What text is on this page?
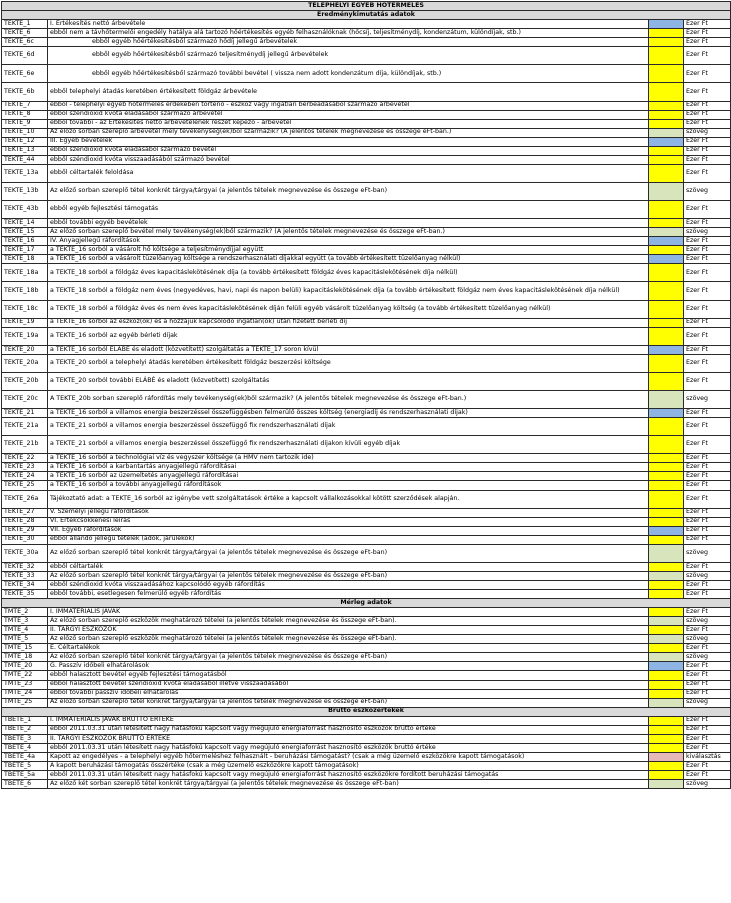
TELEPHELYI EGYÉB HŐTERMELÉS			
Eredménykimutatás adatok			
TEKTE_1	I. Értékesítés nettó árbevétele		Ezer Ft
TEKTE_6	ebből nem a távhőtermelői engedély hatálya alá tartozó hőértékesítés egyéb felhasználóknak (hőcsíj, teljesítménydíj, kondenzátum, különdíjak, stb.)		Ezer Ft
TEKTE_6c	ebből egyéb hőértékesítésből származó hődíj jellegű árbevételek		Ezer Ft
TEKTE_6d	ebből egyéb hőértékesítésből származó teljesítménydíj jellegű árbevételek		Ezer Ft
TEKTE_6e	ebből egyéb hőértékesítésből származó további bevétel ( vissza nem adott kondenzátum díja, különdíjak, stb.)		Ezer Ft
TEKTE_6b	ebből telephelyi átadás keretében értékesített földgáz árbevétele		Ezer Ft
TEKTE_7	ebből - telephelyi egyéb hőtermelés érdekében történő - eszköz vagy ingatlan bérbeadásából származó árbevétel		Ezer Ft
TEKTE_8	ebből széndioxid kvóta eladásából származó árbevétel		Ezer Ft
TEKTE_9	ebből további - az Értékesítés nettó árbevételének részét képező - árbevétel		Ezer Ft
TEKTE_10	Az előző sorban szereplő árbevétel mely tevékenység(ek)ből származik? (A jelentős tételek megnevezése és összege eFt-ban.)		szöveg
TEKTE_12	III. Egyéb bevételek		Ezer Ft
TEKTE_13	ebből széndioxid kvóta eladásából származó bevétel		Ezer Ft
TEKTE_44	ebből széndioxid kvóta visszaadásából származó bevétel		Ezer Ft
TEKTE_13a	ebből céltartalék feloldása		Ezer Ft
TEKTE_13b	Az előző sorban szereplő tétel konkrét tárgya/tárgyai (a jelentős tételek megnevezése és összege eFt-ban)		szöveg
TEKTE_43b	ebből egyéb fejlesztési támogatás		Ezer Ft
TEKTE_14	ebből további egyéb bevételek		Ezer Ft
TEKTE_15	Az előző sorban szereplő bevétel mely tevékenység(ek)ből származik? (A jelentős tételek megnevezése és összege eFt-ban.)		szöveg
TEKTE_16	IV. Anyagjellegű ráfordítások		Ezer Ft
TEKTE_17	a TEKTE_16 sorból a vásárolt hő költsége a teljesítménydíjjal együtt		Ezer Ft
TEKTE_18	a TEKTE_16 sorból a vásárolt tüzelőanyag költsége a rendszerhasználati díjakkal együtt (a tovább értékesített tüzelőanyag nélkül)		Ezer Ft
TEKTE_18a	a TEKTE_18 sorból a földgáz éves kapacitáslekötésének díja (a tovább értékesített földgáz éves kapacitáslekötésének díja nélkül)		Ezer Ft
TEKTE_18b	a TEKTE_18 sorból a földgáz nem éves (negyedéves, havi, napi és napon belüli) kapacitáslekötésének díja (a tovább értékesített földgáz nem éves kapacitáslekötésének díja nélkül)		Ezer Ft
TEKTE_18c	a TEKTE_18 sorból a földgáz éves és nem éves kapacitáslekötésének díján felüli egyéb vásárolt tüzelőanyag költség (a tovább értékesített tüzelőanyag nélkül)		Ezer Ft
TEKTE_19	a TEKTE_16 sorból az eszköz(ök) és a hozzájuk kapcsolódó ingatlan(ok) után fizetett bérleti díj		Ezer Ft
TEKTE_19a	a TEKTE_16 sorból az egyéb bérleti díjak		Ezer Ft
TEKTE_20	a TEKTE_16 sorból ELÁBÉ és eladott (közvetített) szolgáltatás a TEKTE_17 soron kívül		Ezer Ft
TEKTE_20a	a TEKTE_20 sorból a telephelyi átadás keretében értékesített földgáz beszerzési költsége		Ezer Ft
TEKTE_20b	a TEKTE_20 sorból további ELÁBÉ és eladott (közvetített) szolgáltatás		Ezer Ft
TEKTE_20c	A TEKTE_20b sorban szereplő ráfordítás mely tevékenység(ek)ből származik? (A jelentős tételek megnevezése és összege eFt-ban.)		szöveg
TEKTE_21	a TEKTE_16 sorból a villamos energia beszerzéssel összefüggésben felmerülő összes költség (energiadíj és rendszerhasználati díjak)		Ezer Ft
TEKTE_21a	a TEKTE_21 sorból a villamos energia beszerzéssel összefüggő fix rendszerhasználati díjak		Ezer Ft
TEKTE_21b	a TEKTE_21 sorból a villamos energia beszerzéssel összefüggő fix rendszerhasználati díjakon kívüli egyéb díjak		Ezer Ft
TEKTE_22	a TEKTE_16 sorból a technológiai víz és vegyszer költsége (a HMV nem tartozik ide)		Ezer Ft
TEKTE_23	a TEKTE_16 sorból a karbantartás anyagjellegű ráfordításai		Ezer Ft
TEKTE_24	a TEKTE_16 sorból az üzemeltetés anyagjellegű ráfordításai		Ezer Ft
TEKTE_25	a TEKTE_16 sorból a további anyagjellegű ráfordítások		Ezer Ft
TEKTE_26a	Tájékoztató adat: a TEKTE_16 sorból az igénybe vett szolgáltatások értéke a kapcsolt vállalkozásokkal kötött szerződések alapján.		Ezer Ft
TEKTE_27	V. Személyi jellegű ráfordítások		Ezer Ft
TEKTE_28	VI. Értékcsökkenési leírás		Ezer Ft
TEKTE_29	VII. Egyéb ráfordítások		Ezer Ft
TEKTE_30	ebből állandó jellegű tételek (adók, járulékok)		Ezer Ft
TEKTE_30a	Az előző sorban szereplő tétel konkrét tárgya/tárgyai (a jelentős tételek megnevezése és összege eFt-ban)		szöveg
TEKTE_32	ebből céltartalék		Ezer Ft
TEKTE_33	Az előző sorban szereplő tétel konkrét tárgya/tárgyai (a jelentős tételek megnevezése és összege eFt-ban)		szöveg
TEKTE_34	ebből széndioxid kvóta visszaadásához kapcsolódó egyéb ráfordítás		Ezer Ft
TEKTE_35	ebből további, esetlegesen felmerülő egyéb ráfordítás		Ezer Ft
Mérleg adatok			
TMTE_2	I. IMMATERIÁLIS JAVAK		Ezer Ft
TMTE_3	Az előző sorban szereplő eszközök meghatározó tételei (a jelentős tételek megnevezése és összege eFt-ban).		szöveg
TMTE_4	II. TÁRGYI ESZKÖZÖK		Ezer Ft
TMTE_5	Az előző sorban szereplő eszközök meghatározó tételei (a jelentős tételek megnevezése és összege eFt-ban).		szöveg
TMTE_15	E. Céltartalékok		Ezer Ft
TMTE_18	Az előző sorban szereplő tétel konkrét tárgya/tárgyai (a jelentős tételek megnevezése és összege eFt-ban)		szöveg
TMTE_20	G. Passzív időbeli elhatárolások		Ezer Ft
TMTE_22	ebből halasztott bevétel egyéb fejlesztési támogatásból		Ezer Ft
TMTE_23	ebből halasztott bevétel széndioxid kvóta eladásából illetve visszaadásából		Ezer Ft
TMTE_24	ebből további passzív időbeli elhatárolás		Ezer Ft
TMTE_25	Az előző sorban szereplő tétel konkrét tárgya/tárgyai (a jelentős tételek megnevezése és összege eFt-ban)		szöveg
Bruttó eszközértékek			
TBETE_1	I. IMMATERIÁLIS JAVAK BRUTTÓ ÉRTÉKE		Ezer Ft
TBETE_2	ebből 2011.03.31 után létesített nagy hatásfokú kapcsolt vagy megújuló energiaforrást hasznosító eszközök bruttó értéke		Ezer Ft
TBETE_3	II. TÁRGYI ESZKÖZÖK BRUTTÓ ÉRTÉKE		Ezer Ft
TBETE_4	ebből 2011.03.31 után létesített nagy hatásfokú kapcsolt vagy megújuló energiaforrást hasznosító eszközök bruttó értéke		Ezer Ft
TBETE_4a	Kapott az engedélyes - a telephelyi egyéb hőtermeléshez felhasznált - beruházási támogatást? (csak a még üzemelő eszközökre kapott támogatások)		kiválasztás
TBETE_5	A kapott beruházási támogatás összértéke (csak a még üzemelő eszközökre kapott támogatások)		Ezer Ft
TBETE_5a	ebből 2011.03.31 után létesített nagy hatásfokú kapcsolt vagy megújuló energiaforrást hasznosító eszközökre fordított beruházási támogatás		Ezer Ft
TBETE_6	Az előző két sorban szereplő tétel konkrét tárgya/tárgyai (a jelentős tételek megnevezése és összege eFt-ban)		szöveg
